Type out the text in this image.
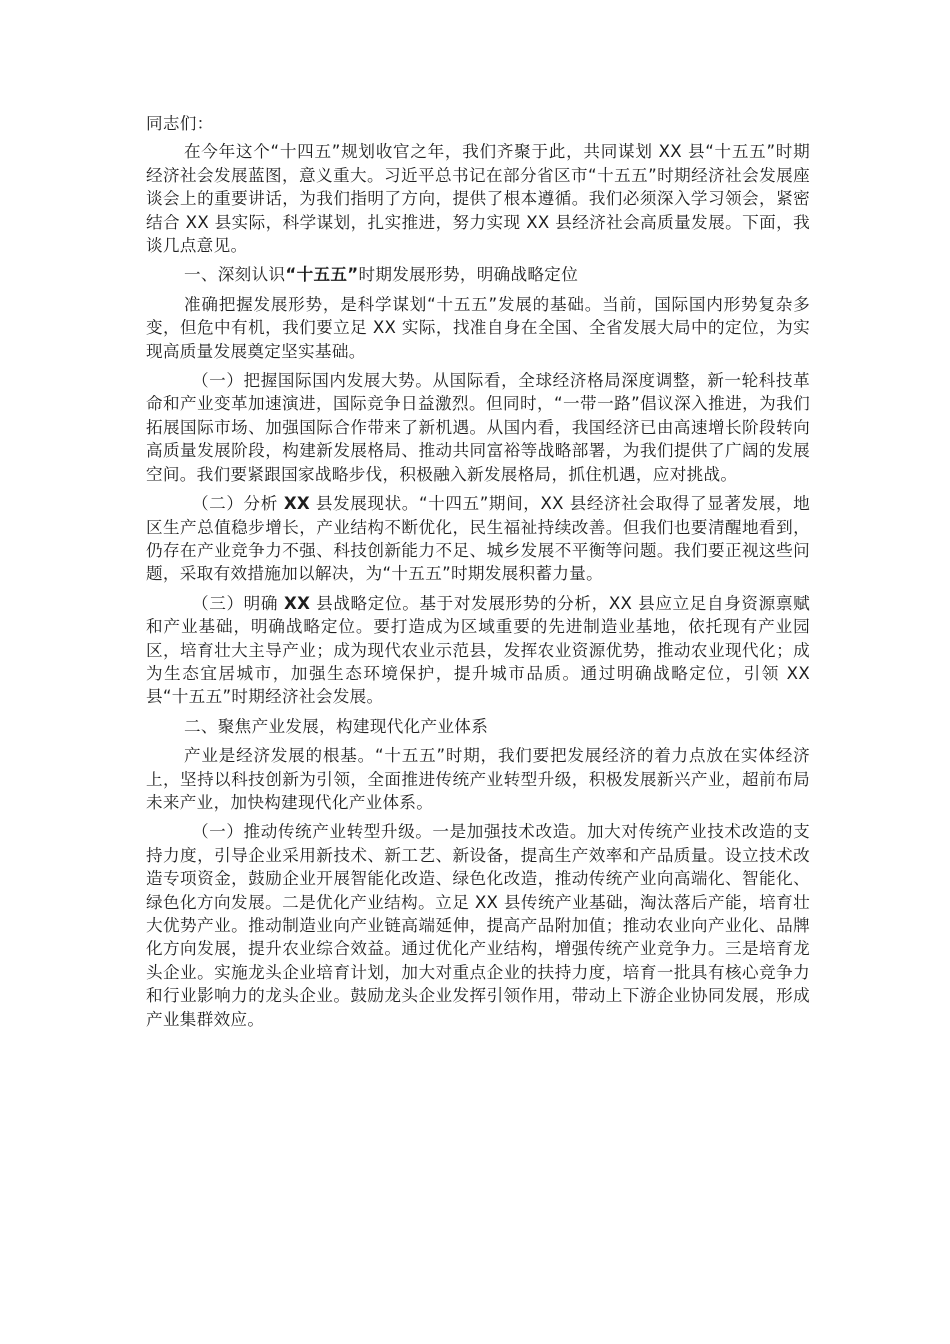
同志们：

在今年这个“十四五”规划收官之年，我们齐聚于此，共同谋划 XX 县“十五五”时期经济社会发展蓝图，意义重大。习近平总书记在部分省区市“十五五”时期经济社会发展座谈会上的重要讲话，为我们指明了方向，提供了根本遵循。我们必须深入学习领会，紧密结合 XX 县实际，科学谋划，扎实推进，努力实现 XX 县经济社会高质量发展。下面，我谈几点意见。

一、深刻认识“十五五”时期发展形势，明确战略定位

准确把握发展形势，是科学谋划“十五五”发展的基础。当前，国际国内形势复杂多变，但危中有机，我们要立足 XX 实际，找准自身在全国、全省发展大局中的定位，为实现高质量发展奠定坚实基础。

（一）把握国际国内发展大势。从国际看，全球经济格局深度调整，新一轮科技革命和产业变革加速演进，国际竞争日益激烈。但同时，“一带一路”倡议深入推进，为我们拓展国际市场、加强国际合作带来了新机遇。从国内看，我国经济已由高速增长阶段转向高质量发展阶段，构建新发展格局、推动共同富裕等战略部署，为我们提供了广阔的发展空间。我们要紧跟国家战略步伐，积极融入新发展格局，抓住机遇，应对挑战。

（二）分析 XX 县发展现状。“十四五”期间，XX 县经济社会取得了显著发展，地区生产总值稳步增长，产业结构不断优化，民生福祉持续改善。但我们也要清醒地看到，仍存在产业竞争力不强、科技创新能力不足、城乡发展不平衡等问题。我们要正视这些问题，采取有效措施加以解决，为“十五五”时期发展积蓄力量。

（三）明确 XX 县战略定位。基于对发展形势的分析，XX 县应立足自身资源禀赋和产业基础，明确战略定位。要打造成为区域重要的先进制造业基地，依托现有产业园区，培育壮大主导产业；成为现代农业示范县，发挥农业资源优势，推动农业现代化；成为生态宜居城市，加强生态环境保护，提升城市品质。通过明确战略定位，引领 XX 县“十五五”时期经济社会发展。

二、聚焦产业发展，构建现代化产业体系

产业是经济发展的根基。“十五五”时期，我们要把发展经济的着力点放在实体经济上，坚持以科技创新为引领，全面推进传统产业转型升级，积极发展新兴产业，超前布局未来产业，加快构建现代化产业体系。

（一）推动传统产业转型升级。一是加强技术改造。加大对传统产业技术改造的支持力度，引导企业采用新技术、新工艺、新设备，提高生产效率和产品质量。设立技术改造专项资金，鼓励企业开展智能化改造、绿色化改造，推动传统产业向高端化、智能化、绿色化方向发展。二是优化产业结构。立足 XX 县传统产业基础，淘汰落后产能，培育壮大优势产业。推动制造业向产业链高端延伸，提高产品附加值；推动农业向产业化、品牌化方向发展，提升农业综合效益。通过优化产业结构，增强传统产业竞争力。三是培育龙头企业。实施龙头企业培育计划，加大对重点企业的扶持力度，培育一批具有核心竞争力和行业影响力的龙头企业。鼓励龙头企业发挥引领作用，带动上下游企业协同发展，形成产业集群效应。
